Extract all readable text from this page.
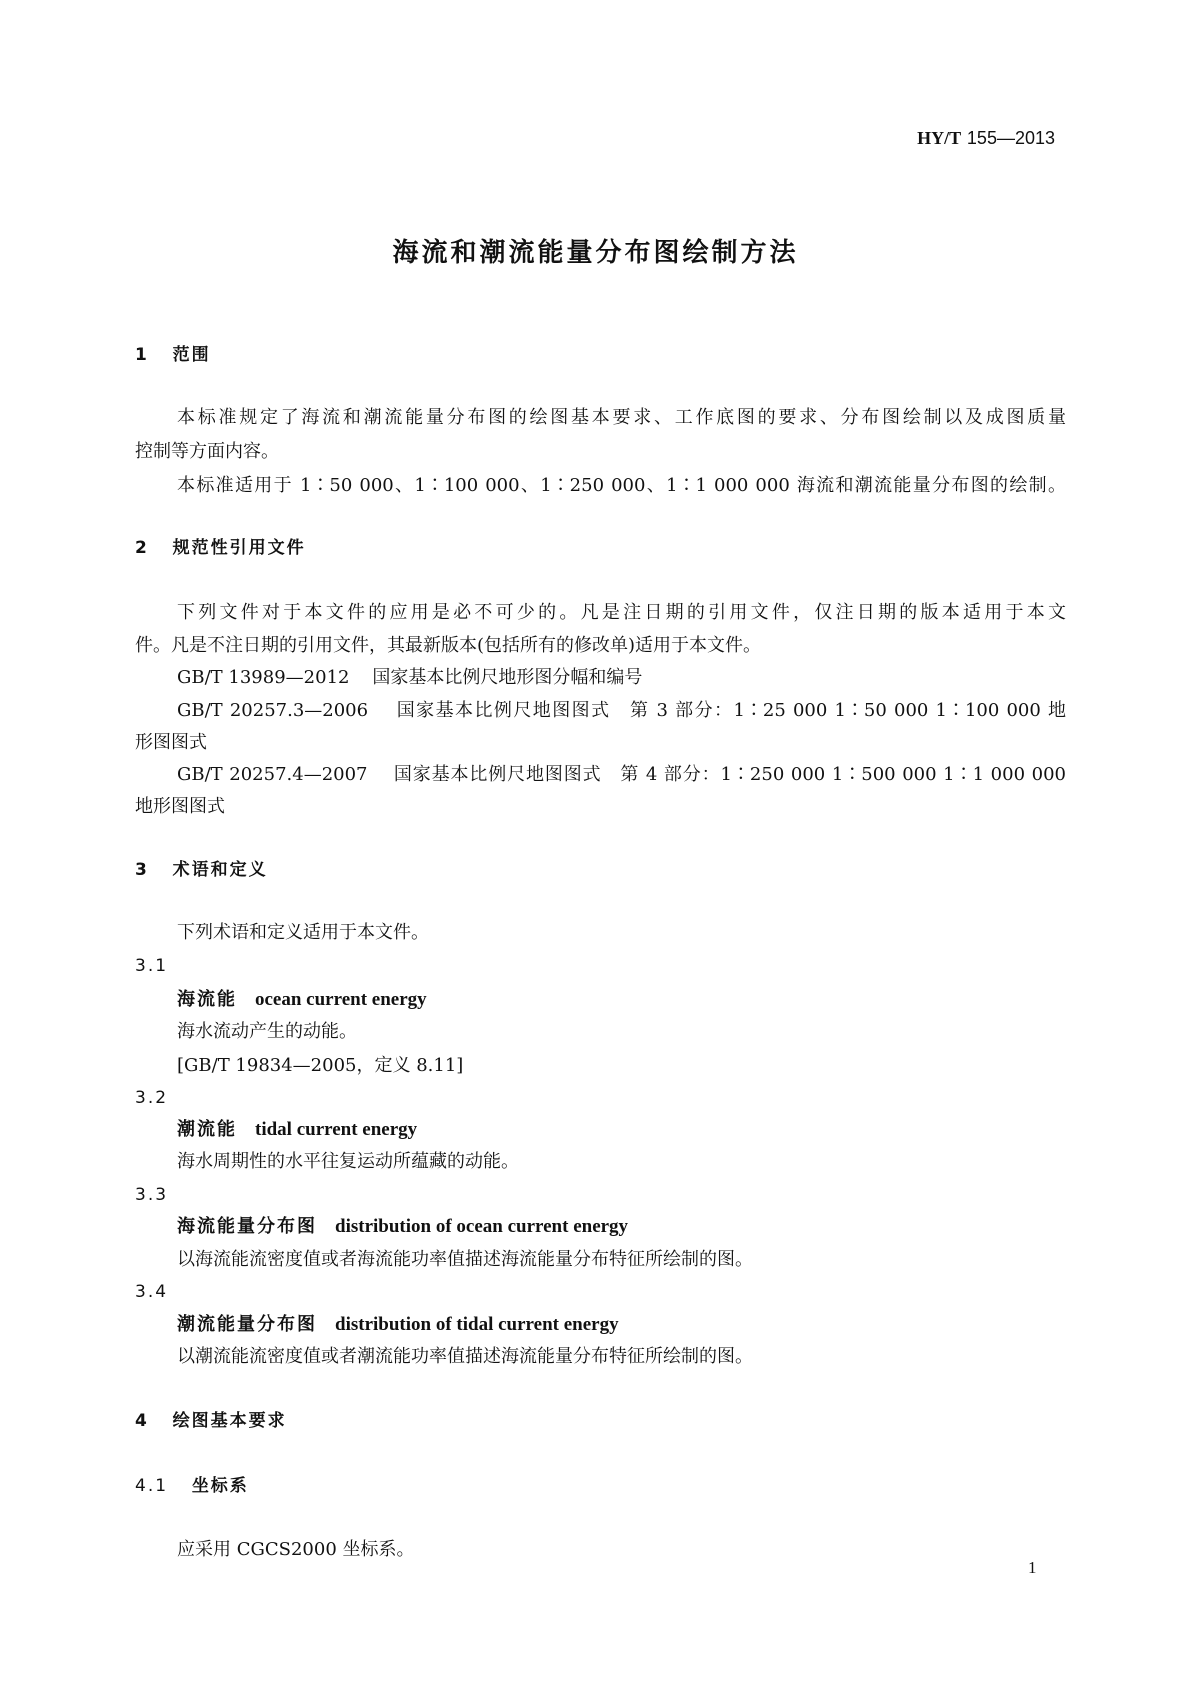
HY/T 155—2013
海流和潮流能量分布图绘制方法
1 范围
本标准规定了海流和潮流能量分布图的绘图基本要求、工作底图的要求、分布图绘制以及成图质量
控制等方面内容。
本标准适用于 1∶50 000、1∶100 000、1∶250 000、1∶1 000 000 海流和潮流能量分布图的绘制。
2 规范性引用文件
下列文件对于本文件的应用是必不可少的。凡是注日期的引用文件，仅注日期的版本适用于本文
件。凡是不注日期的引用文件，其最新版本(包括所有的修改单)适用于本文件。
GB/T 13989—2012 国家基本比例尺地形图分幅和编号
GB/T 20257.3—2006 国家基本比例尺地图图式　第 3 部分：1∶25 000 1∶50 000 1∶100 000 地
形图图式
GB/T 20257.4—2007 国家基本比例尺地图图式　第 4 部分：1∶250 000 1∶500 000 1∶1 000 000
地形图图式
3 术语和定义
下列术语和定义适用于本文件。
3.1
海流能 ocean current energy
海水流动产生的动能。
[GB/T 19834—2005，定义 8.11]
3.2
潮流能 tidal current energy
海水周期性的水平往复运动所蕴藏的动能。
3.3
海流能量分布图 distribution of ocean current energy
以海流能流密度值或者海流能功率值描述海流能量分布特征所绘制的图。
3.4
潮流能量分布图 distribution of tidal current energy
以潮流能流密度值或者潮流能功率值描述海流能量分布特征所绘制的图。
4 绘图基本要求
4.1 坐标系
应采用 CGCS2000 坐标系。
1
